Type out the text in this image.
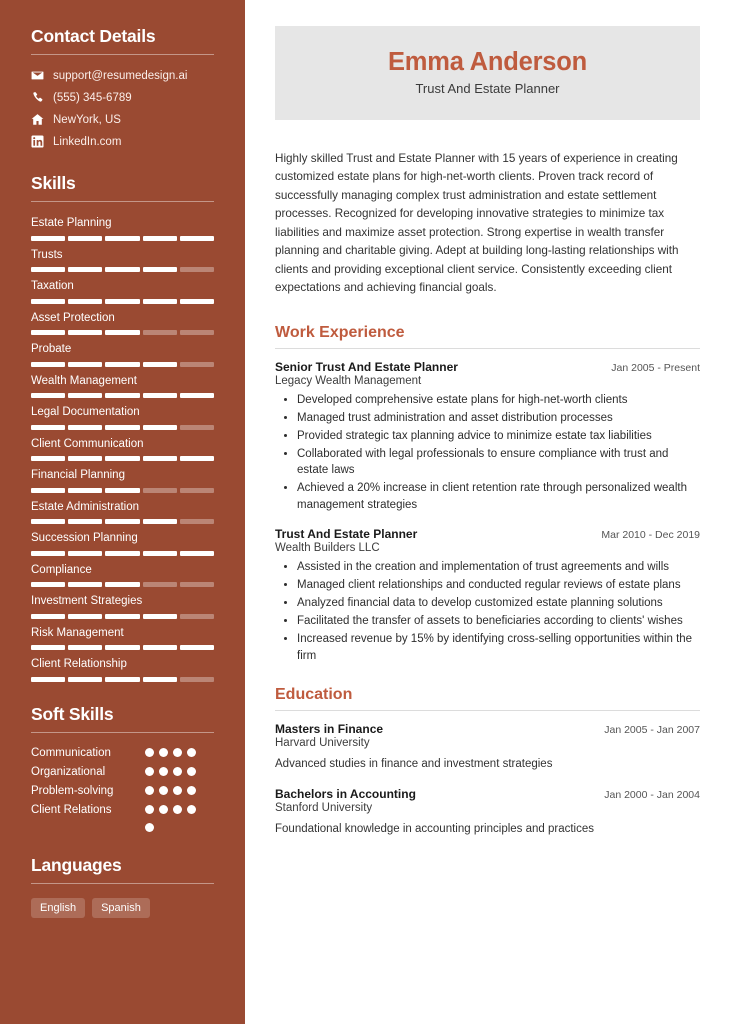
Contact Details
support@resumedesign.ai
(555) 345-6789
NewYork, US
LinkedIn.com
Skills
Estate Planning
Trusts
Taxation
Asset Protection
Probate
Wealth Management
Legal Documentation
Client Communication
Financial Planning
Estate Administration
Succession Planning
Compliance
Investment Strategies
Risk Management
Client Relationship
Soft Skills
Communication
Organizational
Problem-solving
Client Relations
Languages
English	Spanish
Emma Anderson
Trust And Estate Planner
Highly skilled Trust and Estate Planner with 15 years of experience in creating customized estate plans for high-net-worth clients. Proven track record of successfully managing complex trust administration and estate settlement processes. Recognized for developing innovative strategies to minimize tax liabilities and maximize asset protection. Strong expertise in wealth transfer planning and charitable giving. Adept at building long-lasting relationships with clients and providing exceptional client service. Consistently exceeding client expectations and achieving financial goals.
Work Experience
Senior Trust And Estate Planner	Jan 2005 - Present
Legacy Wealth Management
• Developed comprehensive estate plans for high-net-worth clients
• Managed trust administration and asset distribution processes
• Provided strategic tax planning advice to minimize estate tax liabilities
• Collaborated with legal professionals to ensure compliance with trust and estate laws
• Achieved a 20% increase in client retention rate through personalized wealth management strategies
Trust And Estate Planner	Mar 2010 - Dec 2019
Wealth Builders LLC
• Assisted in the creation and implementation of trust agreements and wills
• Managed client relationships and conducted regular reviews of estate plans
• Analyzed financial data to develop customized estate planning solutions
• Facilitated the transfer of assets to beneficiaries according to clients' wishes
• Increased revenue by 15% by identifying cross-selling opportunities within the firm
Education
Masters in Finance	Jan 2005 - Jan 2007
Harvard University
Advanced studies in finance and investment strategies
Bachelors in Accounting	Jan 2000 - Jan 2004
Stanford University
Foundational knowledge in accounting principles and practices
